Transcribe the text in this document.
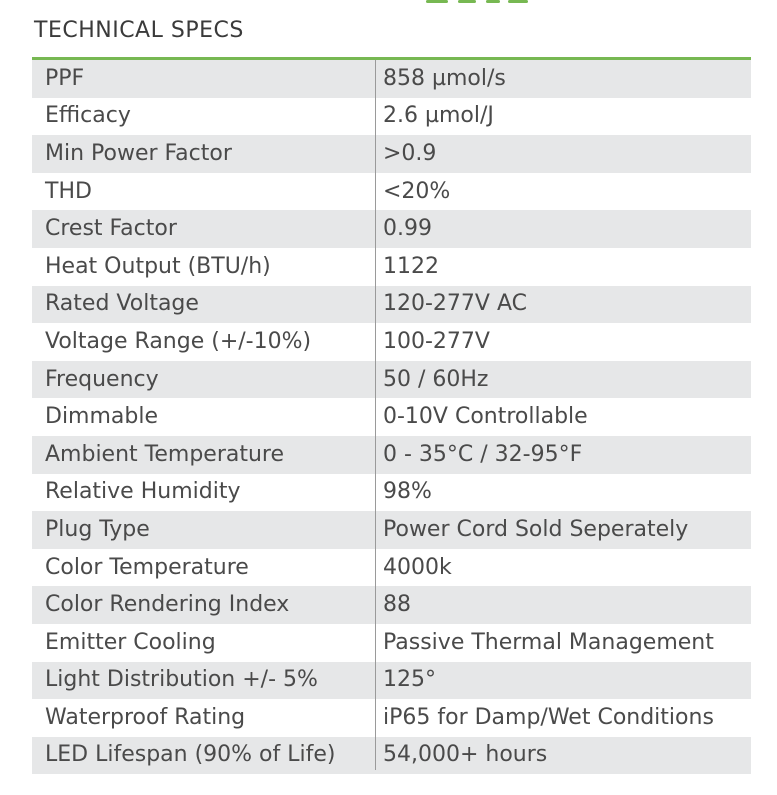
TECHNICAL SPECS
PPF	858 µmol/s
Efficacy	2.6 µmol/J
Min Power Factor	>0.9
THD	<20%
Crest Factor	0.99
Heat Output (BTU/h)	1122
Rated Voltage	120-277V AC
Voltage Range (+/-10%)	100-277V
Frequency	50 / 60Hz
Dimmable	0-10V Controllable
Ambient Temperature	0 - 35°C / 32-95°F
Relative Humidity	98%
Plug Type	Power Cord Sold Seperately
Color Temperature	4000k
Color Rendering Index	88
Emitter Cooling	Passive Thermal Management
Light Distribution +/- 5%	125°
Waterproof Rating	iP65 for Damp/Wet Conditions
LED Lifespan (90% of Life)	54,000+ hours
